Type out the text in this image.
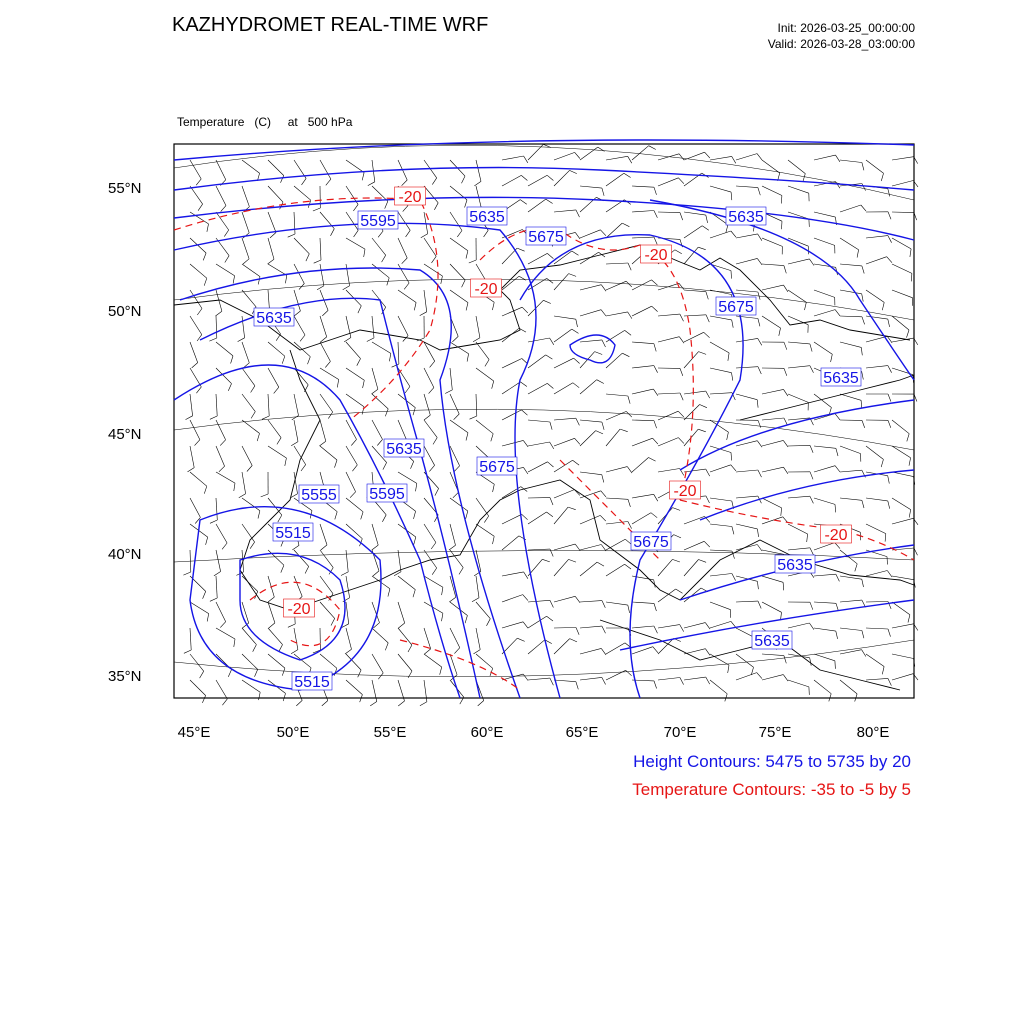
KAZHYDROMET REAL-TIME WRF	Init: 2026-03-25_00:00:00
Valid: 2026-03-28_03:00:00

Temperature   (C)     at   500 hPa

5595	5635
5675
5635
5635
5675
5635
5635
5675
5555 5595
5515
5675
5635
5635
5515
-20
-20
-20
-20
-20
-20
55°N
50°N
45°N
40°N
35°N
45°E	50°E	55°E	60°E	65°E	70°E	75°E	80°E
Height Contours: 5475 to 5735 by 20
Temperature Contours: -35 to -5 by 5
